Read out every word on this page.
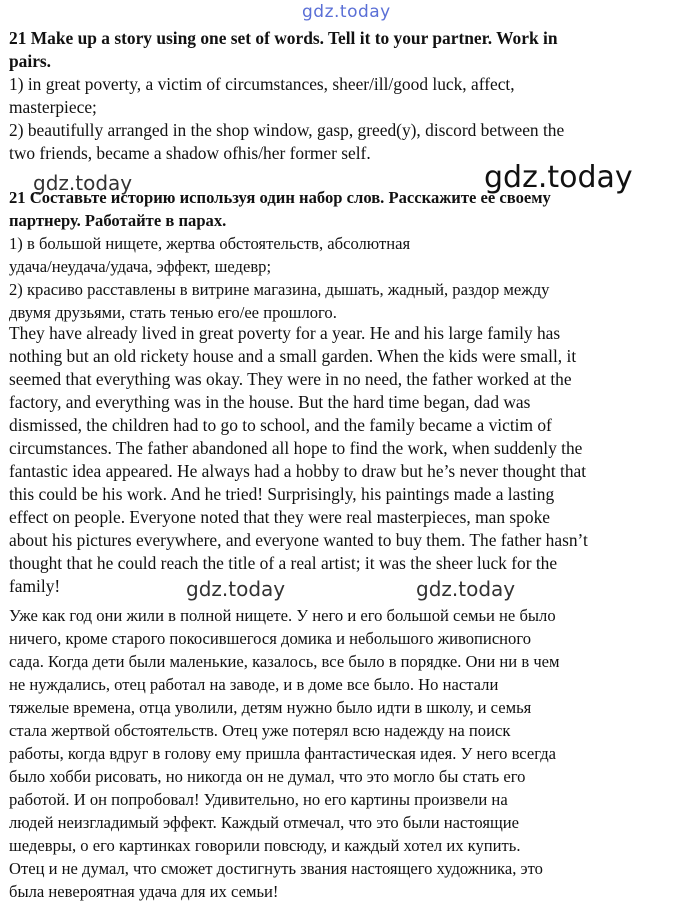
gdz.today
gdz.today	gdz.today
gdz.today	gdz.today
21 Make up a story using one set of words. Tell it to your partner. Work in
pairs.
1) in great poverty, a victim of circumstances, sheer/ill/good luck, affect,
masterpiece;
2) beautifully arranged in the shop window, gasp, greed(y), discord between the
two friends, became a shadow ofhis/her former self.
21 Составьте историю используя один набор слов. Расскажите ее своему
партнеру. Работайте в парах.
1) в большой нищете, жертва обстоятельств, абсолютная
удача/неудача/удача, эффект, шедевр;
2) красиво расставлены в витрине магазина, дышать, жадный, раздор между
двумя друзьями, стать тенью его/ее прошлого.
They have already lived in great poverty for a year. He and his large family has
nothing but an old rickety house and a small garden. When the kids were small, it
seemed that everything was okay. They were in no need, the father worked at the
factory, and everything was in the house. But the hard time began, dad was
dismissed, the children had to go to school, and the family became a victim of
circumstances. The father abandoned all hope to find the work, when suddenly the
fantastic idea appeared. He always had a hobby to draw but he’s never thought that
this could be his work. And he tried! Surprisingly, his paintings made a lasting
effect on people. Everyone noted that they were real masterpieces, man spoke
about his pictures everywhere, and everyone wanted to buy them. The father hasn’t
thought that he could reach the title of a real artist; it was the sheer luck for the
family!
Уже как год они жили в полной нищете. У него и его большой семьи не было
ничего, кроме старого покосившегося домика и небольшого живописного
сада. Когда дети были маленькие, казалось, все было в порядке. Они ни в чем
не нуждались, отец работал на заводе, и в доме все было. Но настали
тяжелые времена, отца уволили, детям нужно было идти в школу, и семья
стала жертвой обстоятельств. Отец уже потерял всю надежду на поиск
работы, когда вдруг в голову ему пришла фантастическая идея. У него всегда
было хобби рисовать, но никогда он не думал, что это могло бы стать его
работой. И он попробовал! Удивительно, но его картины произвели на
людей неизгладимый эффект. Каждый отмечал, что это были настоящие
шедевры, о его картинках говорили повсюду, и каждый хотел их купить.
Отец и не думал, что сможет достигнуть звания настоящего художника, это
была невероятная удача для их семьи!
